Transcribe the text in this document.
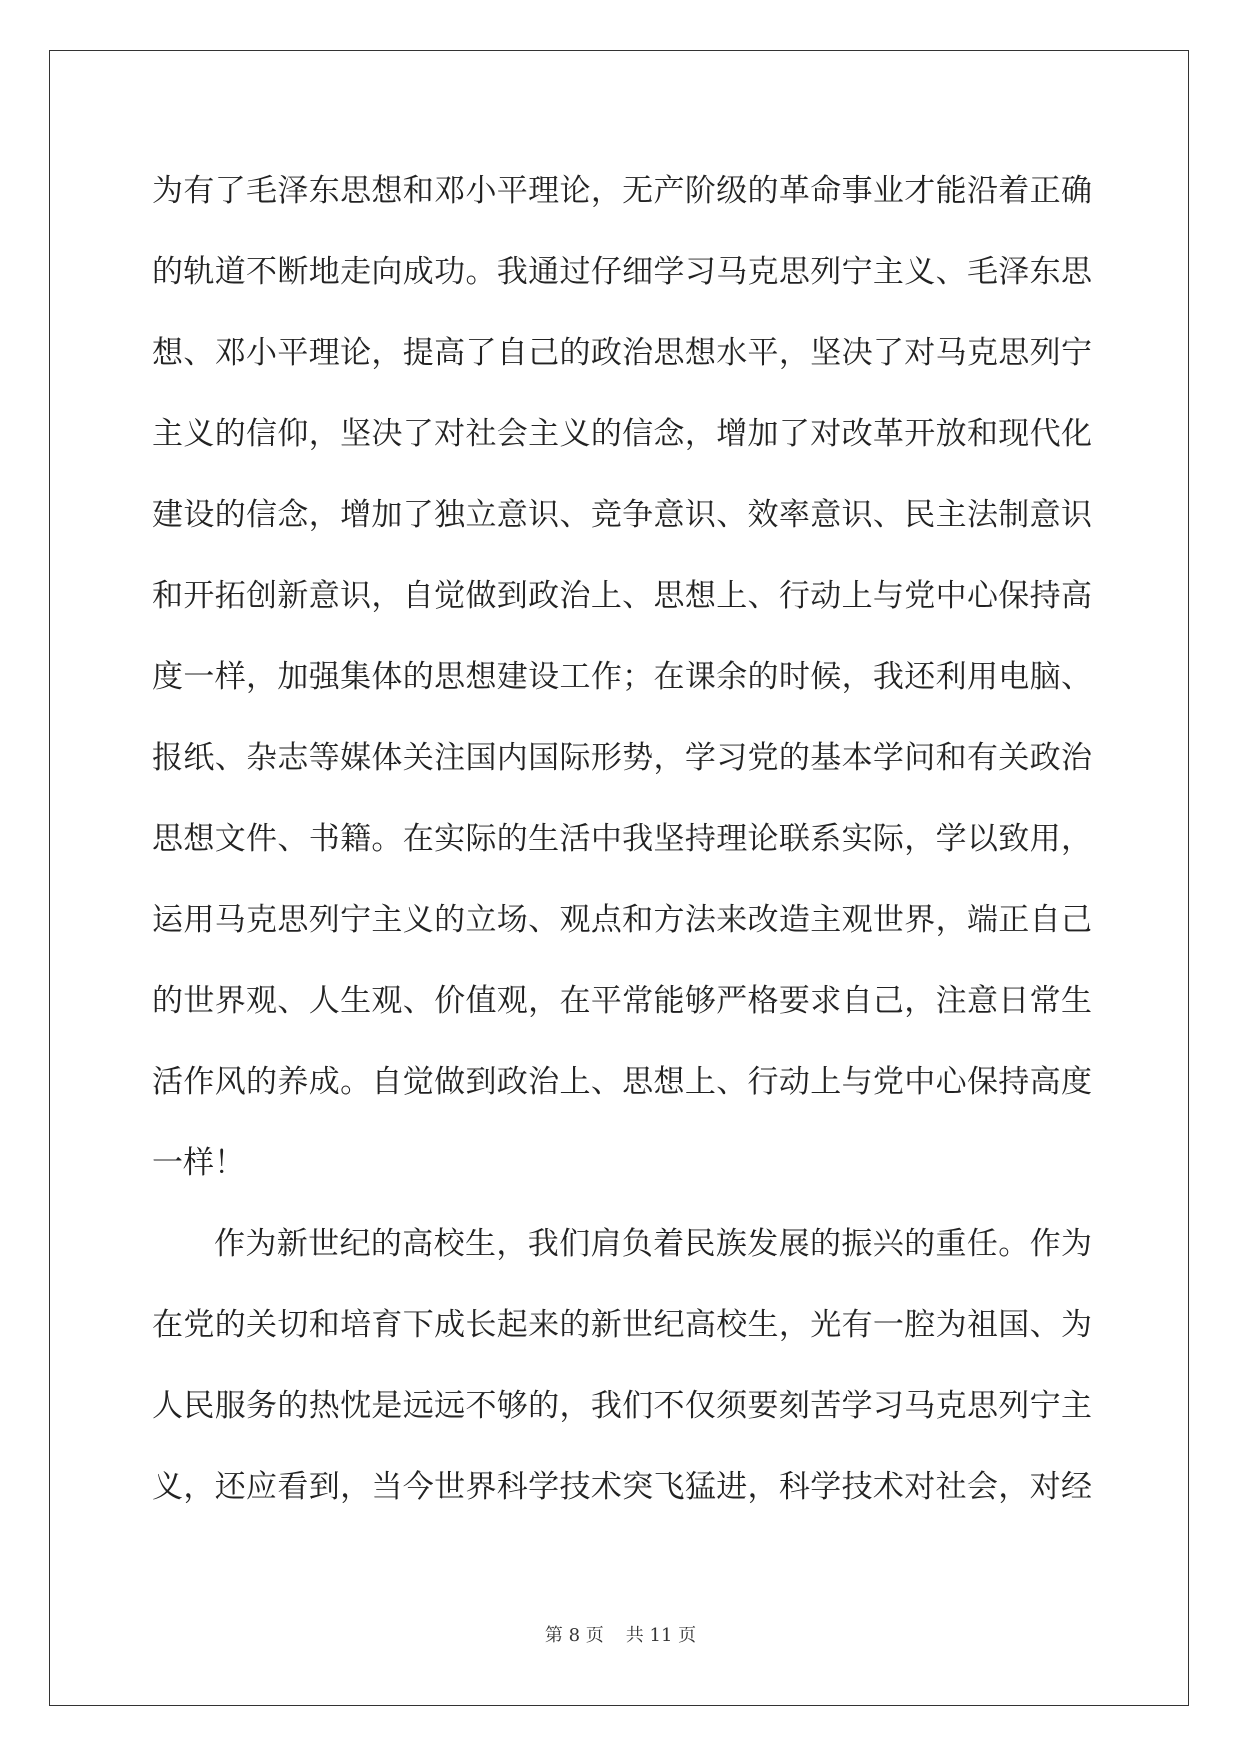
为有了毛泽东思想和邓小平理论，无产阶级的革命事业才能沿着正确
的轨道不断地走向成功。我通过仔细学习马克思列宁主义、毛泽东思
想、邓小平理论，提高了自己的政治思想水平，坚决了对马克思列宁
主义的信仰，坚决了对社会主义的信念，增加了对改革开放和现代化
建设的信念，增加了独立意识、竞争意识、效率意识、民主法制意识
和开拓创新意识，自觉做到政治上、思想上、行动上与党中心保持高
度一样，加强集体的思想建设工作；在课余的时候，我还利用电脑、
报纸、杂志等媒体关注国内国际形势，学习党的基本学问和有关政治
思想文件、书籍。在实际的生活中我坚持理论联系实际，学以致用，
运用马克思列宁主义的立场、观点和方法来改造主观世界，端正自己
的世界观、人生观、价值观，在平常能够严格要求自己，注意日常生
活作风的养成。自觉做到政治上、思想上、行动上与党中心保持高度
一样！
作为新世纪的高校生，我们肩负着民族发展的振兴的重任。作为
在党的关切和培育下成长起来的新世纪高校生，光有一腔为祖国、为
人民服务的热忱是远远不够的，我们不仅须要刻苦学习马克思列宁主
义，还应看到，当今世界科学技术突飞猛进，科学技术对社会，对经
第 8 页 共 11 页
